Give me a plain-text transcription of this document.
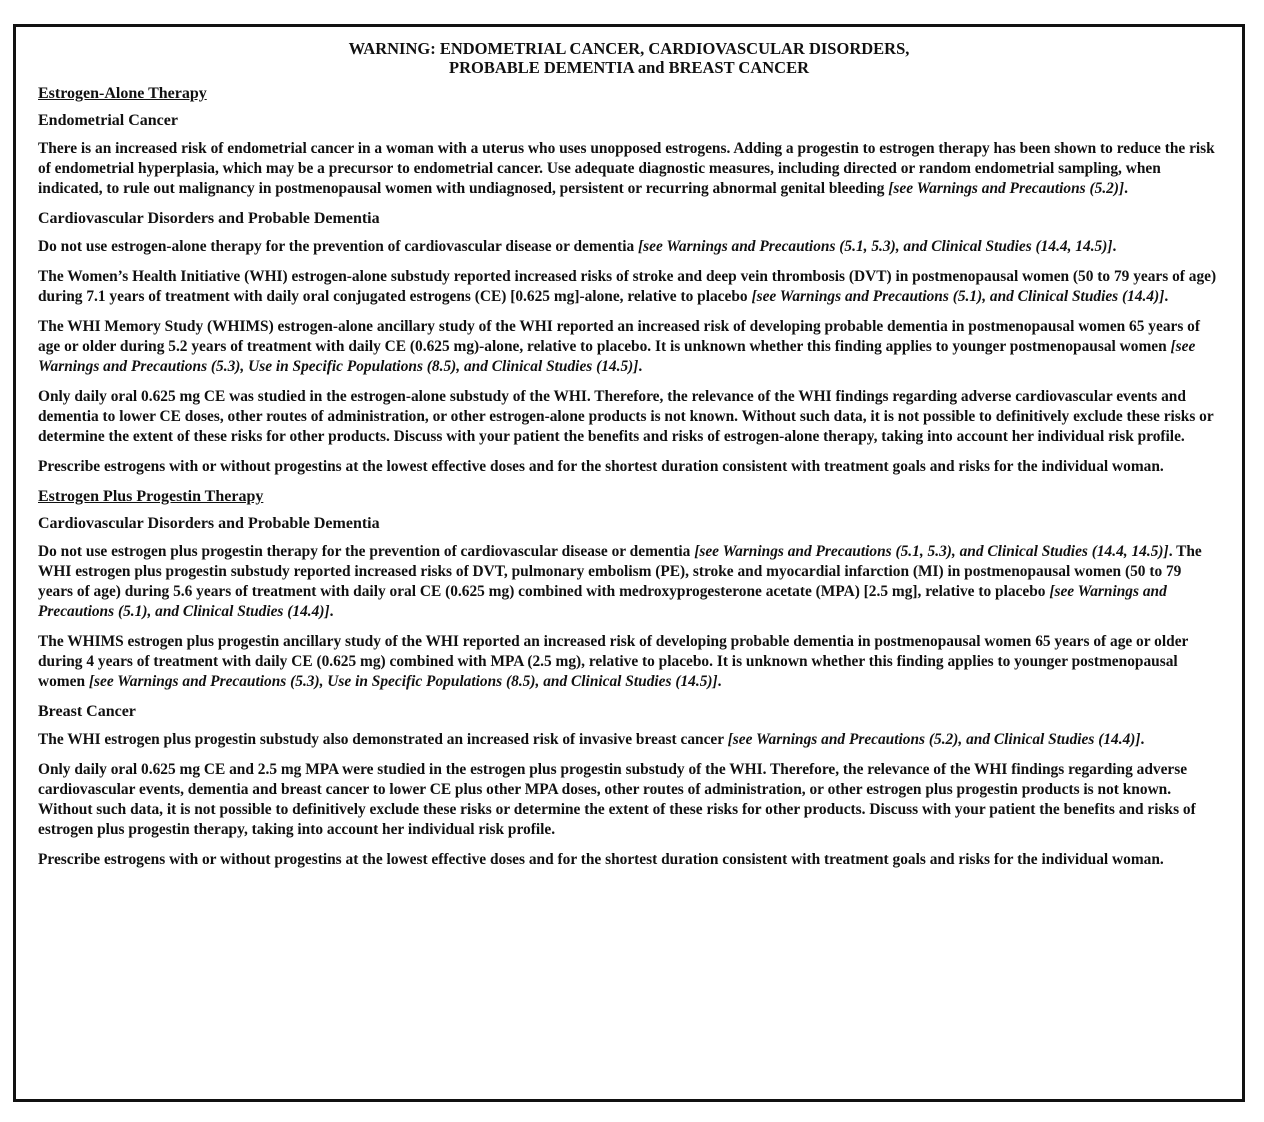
WARNING: ENDOMETRIAL CANCER, CARDIOVASCULAR DISORDERS,
PROBABLE DEMENTIA and BREAST CANCER
Estrogen-Alone Therapy
Endometrial Cancer

There is an increased risk of endometrial cancer in a woman with a uterus who uses unopposed estrogens. Adding a progestin to estrogen therapy has been shown to reduce the risk of endometrial hyperplasia, which may be a precursor to endometrial cancer. Use adequate diagnostic measures, including directed or random endometrial sampling, when indicated, to rule out malignancy in postmenopausal women with undiagnosed, persistent or recurring abnormal genital bleeding [see Warnings and Precautions (5.2)].

Cardiovascular Disorders and Probable Dementia

Do not use estrogen-alone therapy for the prevention of cardiovascular disease or dementia [see Warnings and Precautions (5.1, 5.3), and Clinical Studies (14.4, 14.5)].

The Women’s Health Initiative (WHI) estrogen-alone substudy reported increased risks of stroke and deep vein thrombosis (DVT) in postmenopausal women (50 to 79 years of age) during 7.1 years of treatment with daily oral conjugated estrogens (CE) [0.625 mg]-alone, relative to placebo [see Warnings and Precautions (5.1), and Clinical Studies (14.4)].

The WHI Memory Study (WHIMS) estrogen-alone ancillary study of the WHI reported an increased risk of developing probable dementia in postmenopausal women 65 years of age or older during 5.2 years of treatment with daily CE (0.625 mg)-alone, relative to placebo. It is unknown whether this finding applies to younger postmenopausal women [see Warnings and Precautions (5.3), Use in Specific Populations (8.5), and Clinical Studies (14.5)].

Only daily oral 0.625 mg CE was studied in the estrogen-alone substudy of the WHI. Therefore, the relevance of the WHI findings regarding adverse cardiovascular events and dementia to lower CE doses, other routes of administration, or other estrogen-alone products is not known. Without such data, it is not possible to definitively exclude these risks or determine the extent of these risks for other products. Discuss with your patient the benefits and risks of estrogen-alone therapy, taking into account her individual risk profile.

Prescribe estrogens with or without progestins at the lowest effective doses and for the shortest duration consistent with treatment goals and risks for the individual woman.

Estrogen Plus Progestin Therapy
Cardiovascular Disorders and Probable Dementia

Do not use estrogen plus progestin therapy for the prevention of cardiovascular disease or dementia [see Warnings and Precautions (5.1, 5.3), and Clinical Studies (14.4, 14.5)]. The WHI estrogen plus progestin substudy reported increased risks of DVT, pulmonary embolism (PE), stroke and myocardial infarction (MI) in postmenopausal women (50 to 79 years of age) during 5.6 years of treatment with daily oral CE (0.625 mg) combined with medroxyprogesterone acetate (MPA) [2.5 mg], relative to placebo [see Warnings and Precautions (5.1), and Clinical Studies (14.4)].

The WHIMS estrogen plus progestin ancillary study of the WHI reported an increased risk of developing probable dementia in postmenopausal women 65 years of age or older during 4 years of treatment with daily CE (0.625 mg) combined with MPA (2.5 mg), relative to placebo. It is unknown whether this finding applies to younger postmenopausal women [see Warnings and Precautions (5.3), Use in Specific Populations (8.5), and Clinical Studies (14.5)].

Breast Cancer

The WHI estrogen plus progestin substudy also demonstrated an increased risk of invasive breast cancer [see Warnings and Precautions (5.2), and Clinical Studies (14.4)].

Only daily oral 0.625 mg CE and 2.5 mg MPA were studied in the estrogen plus progestin substudy of the WHI. Therefore, the relevance of the WHI findings regarding adverse cardiovascular events, dementia and breast cancer to lower CE plus other MPA doses, other routes of administration, or other estrogen plus progestin products is not known. Without such data, it is not possible to definitively exclude these risks or determine the extent of these risks for other products. Discuss with your patient the benefits and risks of estrogen plus progestin therapy, taking into account her individual risk profile.

Prescribe estrogens with or without progestins at the lowest effective doses and for the shortest duration consistent with treatment goals and risks for the individual woman.
